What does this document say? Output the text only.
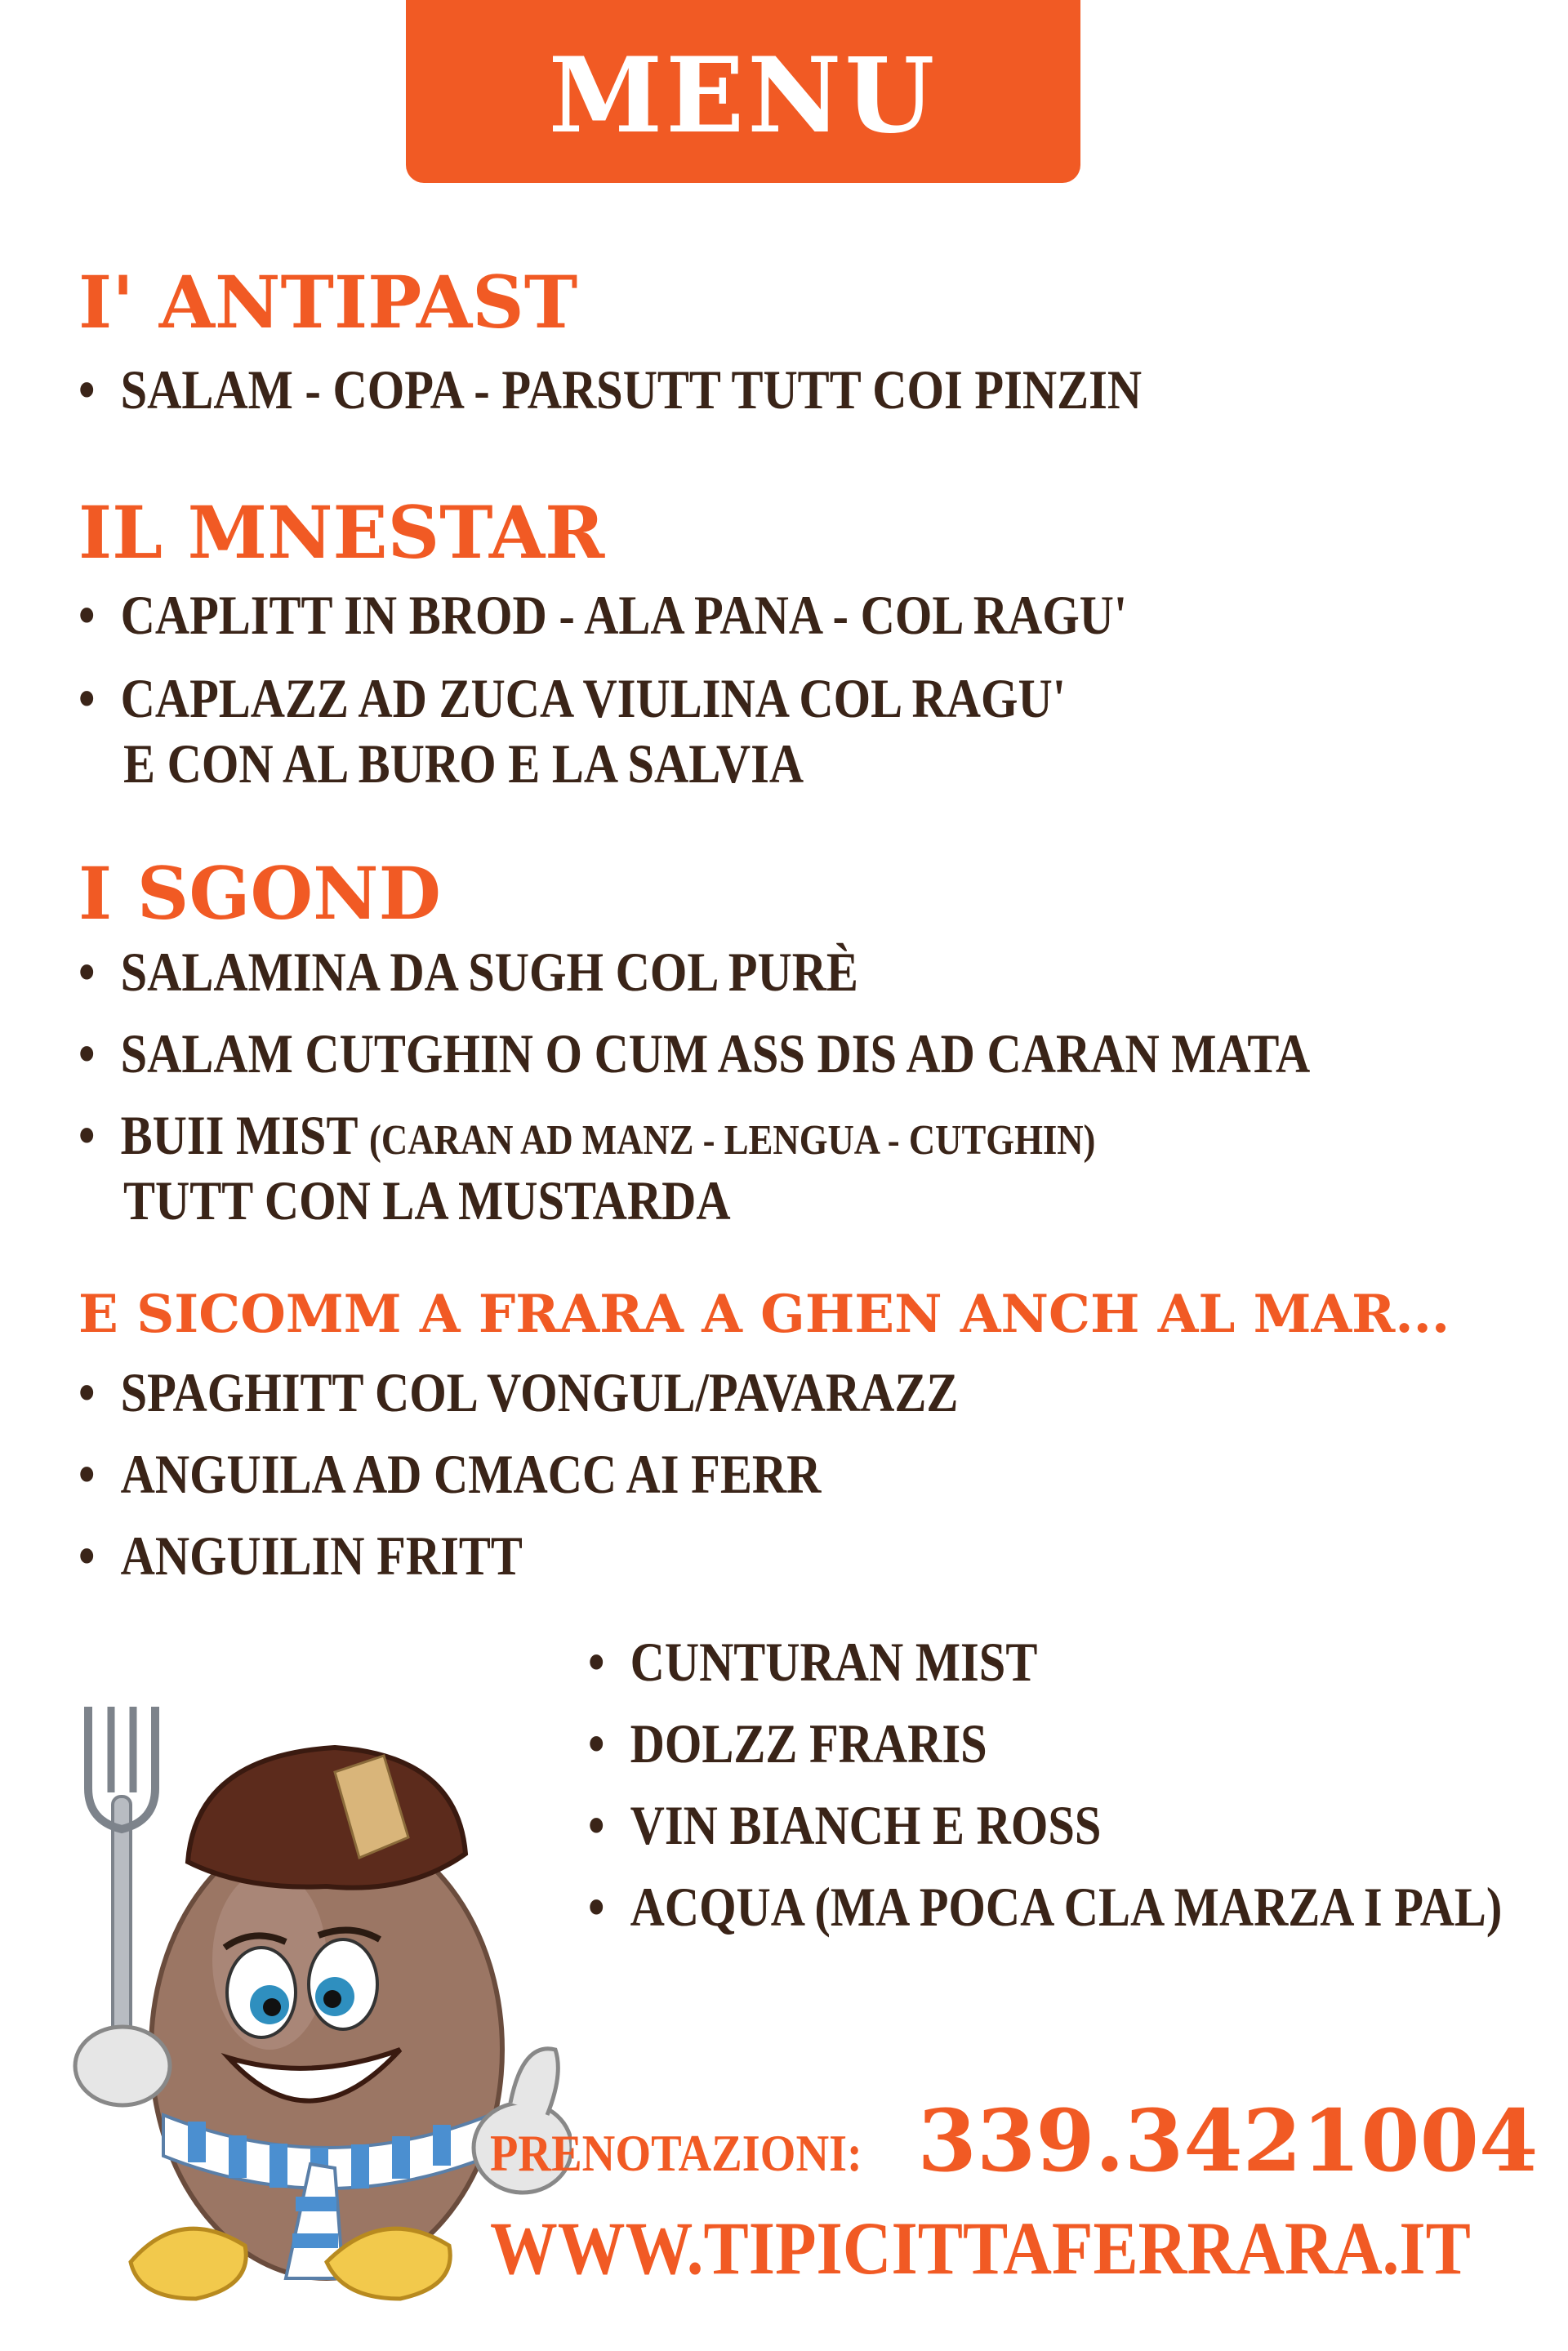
MENU
I' ANTIPAST
• SALAM - COPA - PARSUTT TUTT COI PINZIN
IL MNESTAR
• CAPLITT IN BROD - ALA PANA - COL RAGU'
• CAPLAZZ AD ZUCA VIULINA COL RAGU'
E CON AL BURO E LA SALVIA
I SGOND
• SALAMINA DA SUGH COL PURÈ
• SALAM CUTGHIN O CUM ASS DIS AD CARAN MATA
• BUII MIST (CARAN AD MANZ - LENGUA - CUTGHIN)
TUTT CON LA MUSTARDA
E SICOMM A FRARA A GHEN ANCH AL MAR...
• SPAGHITT COL VONGUL/PAVARAZZ
• ANGUILA AD CMACC AI FERR
• ANGUILIN FRITT
• CUNTURAN MIST
• DOLZZ FRARIS
• VIN BIANCH E ROSS
• ACQUA (MA POCA CLA MARZA I PAL)
PRENOTAZIONI: 339.3421004
WWW.TIPICITTAFERRARA.IT
